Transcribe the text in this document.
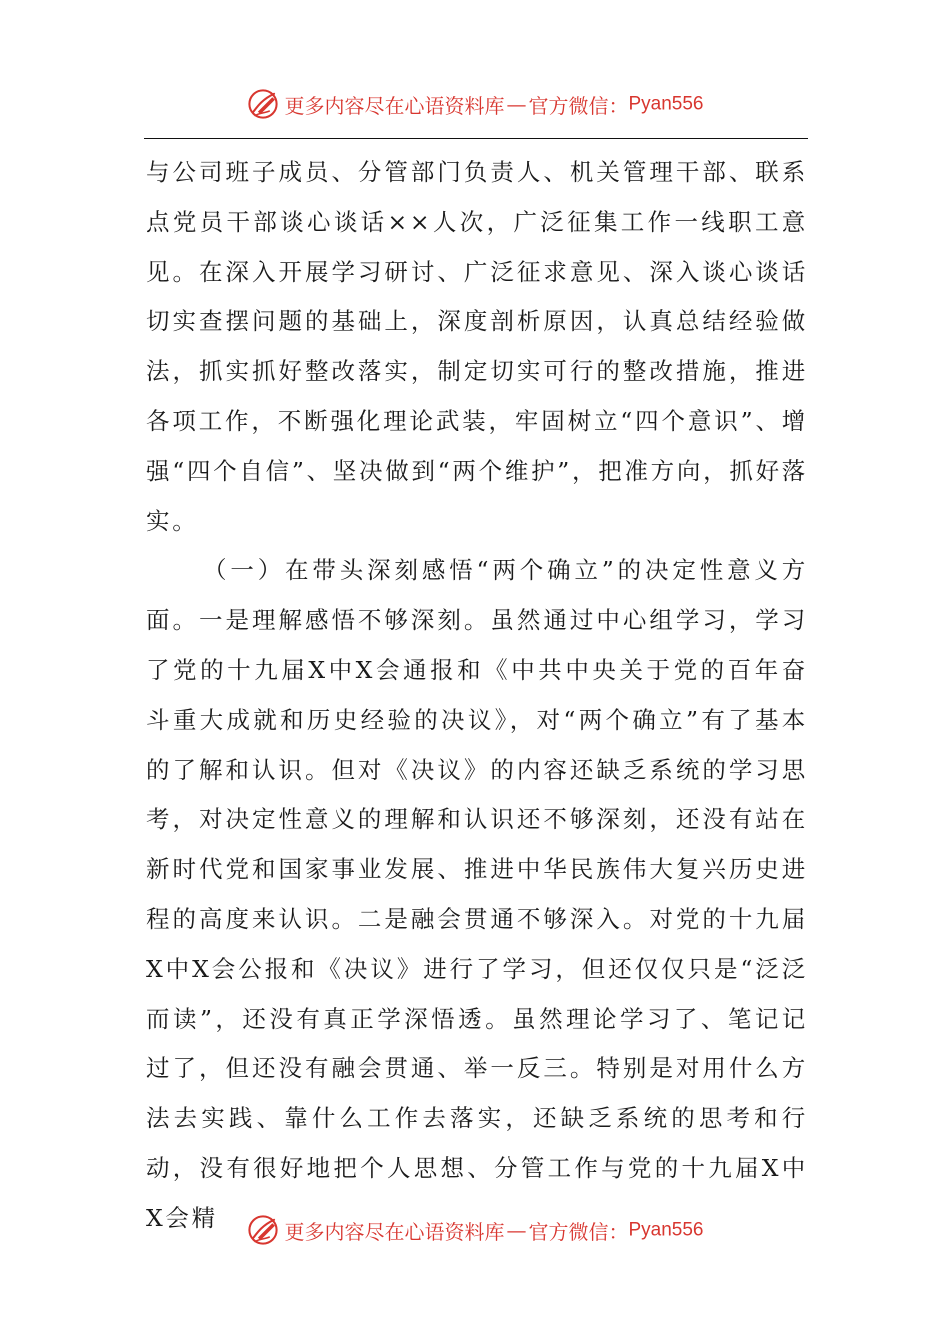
更多内容尽在心语资料库 — 官方微信：Pyan556

与公司班子成员、分管部门负责人、机关管理干部、联系点党员干部谈心谈话××人次，广泛征集工作一线职工意见。在深入开展学习研讨、广泛征求意见、深入谈心谈话切实查摆问题的基础上，深度剖析原因，认真总结经验做法，抓实抓好整改落实，制定切实可行的整改措施，推进各项工作，不断强化理论武装，牢固树立“四个意识”、增强“四个自信”、坚决做到“两个维护”，把准方向，抓好落实。

（一）在带头深刻感悟“两个确立”的决定性意义方面。一是理解感悟不够深刻。虽然通过中心组学习，学习了党的十九届X中X会通报和《中共中央关于党的百年奋斗重大成就和历史经验的决议》，对“两个确立”有了基本的了解和认识。但对《决议》的内容还缺乏系统的学习思考，对决定性意义的理解和认识还不够深刻，还没有站在新时代党和国家事业发展、推进中华民族伟大复兴历史进程的高度来认识。二是融会贯通不够深入。对党的十九届X中X会公报和《决议》进行了学习，但还仅仅只是“泛泛而读”，还没有真正学深悟透。虽然理论学习了、笔记记过了，但还没有融会贯通、举一反三。特别是对用什么方法去实践、靠什么工作去落实，还缺乏系统的思考和行动，没有很好地把个人思想、分管工作与党的十九届X中X会精	更多内容尽在心语资料库 — 官方微信：Pyan556
